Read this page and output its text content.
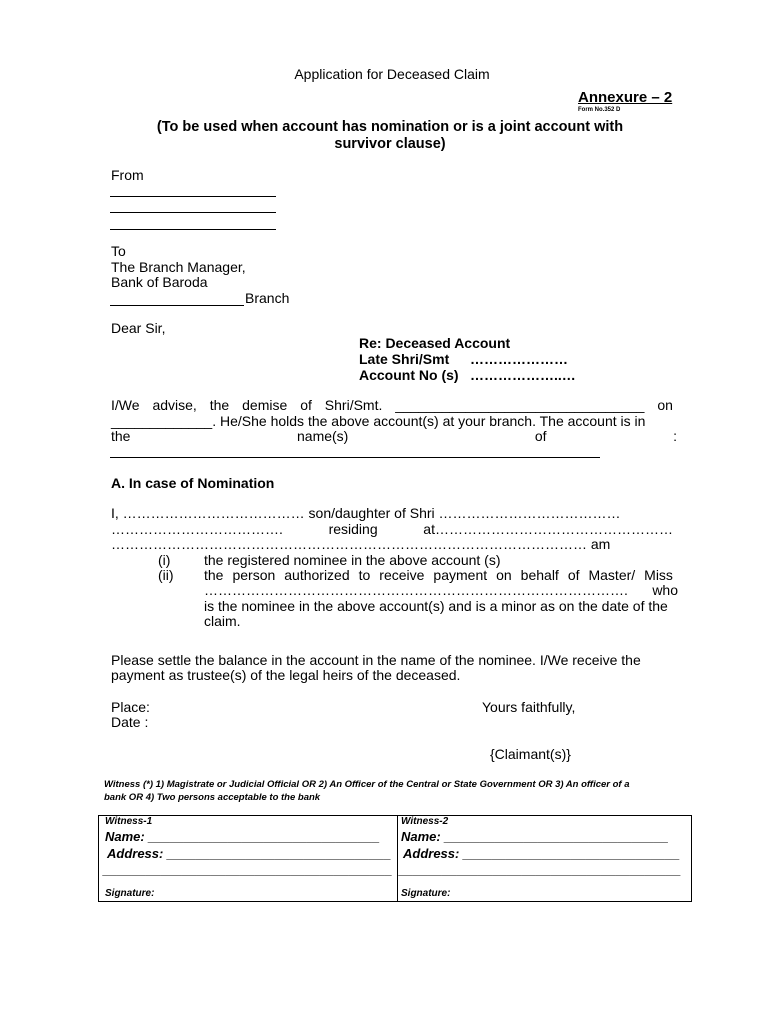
Application for Deceased Claim
Annexure – 2
Form No.352 D
(To be used when account has nomination or is a joint account with
survivor clause)
From
To
The Branch Manager,
Bank of Baroda
Branch
Dear Sir,
Re: Deceased Account
Late Shri/Smt …………………
Account No (s) ………………..…
I/We advise, the demise of Shri/Smt. ________________________________ on
_____________. He/She holds the above account(s) at your branch. The account is in
the	name(s)	of	:
A. In case of Nomination
I, ………………………………… son/daughter of Shri …………………………………
……………………………….	residing	at……………………………………………
………………………………………………………………………………………… am
(i) the registered nominee in the above account (s)
(ii) the person authorized to receive payment on behalf of Master/ Miss
………………………………………………………………………………. who
is the nominee in the above account(s) and is a minor as on the date of the
claim.
Please settle the balance in the account in the name of the nominee. I/We receive the
payment as trustee(s) of the legal heirs of the deceased.
Place:
Date :
Yours faithfully,
{Claimant(s)}
Witness (*) 1) Magistrate or Judicial Official OR 2) An Officer of the Central or State Government OR 3) An officer of a
bank OR 4) Two persons acceptable to the bank
Witness-1
Name: ________________________________
Address: _______________________________
________________________________________
Signature:
Witness-2
Name: _______________________________
Address: ______________________________
_______________________________________
Signature:
